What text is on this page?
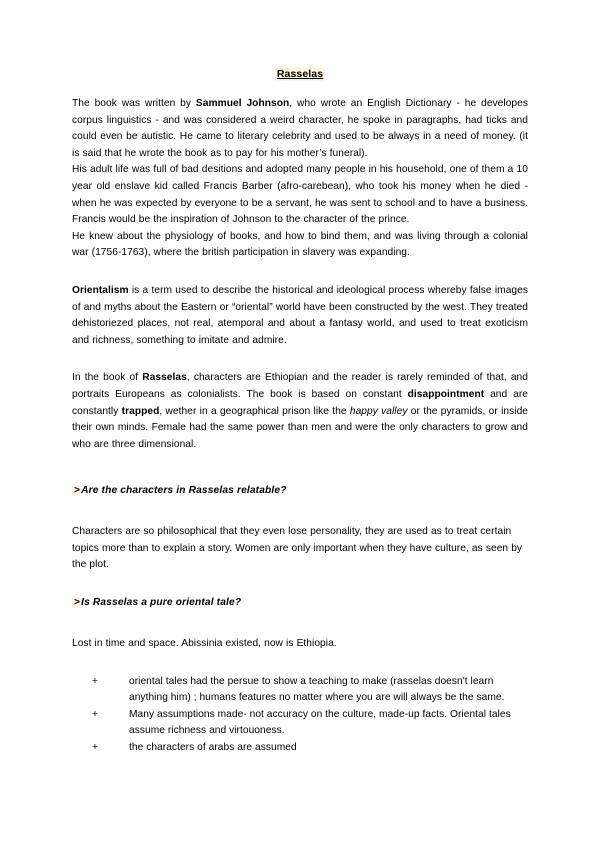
Rasselas

The book was written by Sammuel Johnson, who wrote an English Dictionary - he developes corpus linguistics - and was considered a weird character, he spoke in paragraphs, had ticks and could even be autistic. He came to literary celebrity and used to be always in a need of money. (it is said that he wrote the book as to pay for his mother’s funeral).

His adult life was full of bad desitions and adopted many people in his household, one of them a 10 year old enslave kid called Francis Barber (afro-carebean), who took his money when he died - when he was expected by everyone to be a servant, he was sent to school and to have a business. Francis would be the inspiration of Johnson to the character of the prince.

He knew about the physiology of books, and how to bind them, and was living through a colonial war (1756-1763), where the british participation in slavery was expanding.

Orientalism is a term used to describe the historical and ideological process whereby false images of and myths about the Eastern or “oriental” world have been constructed by the west. They treated dehistoriezed places, not real, atemporal and about a fantasy world, and used to treat exoticism and richness, something to imitate and admire.

In the book of Rasselas, characters are Ethiopian and the reader is rarely reminded of that, and portraits Europeans as colonialists. The book is based on constant disappointment and are constantly trapped, wether in a geographical prison like the happy valley or the pyramids, or inside their own minds. Female had the same power than men and were the only characters to grow and who are three dimensional.

>Are the characters in Rasselas relatable?

Characters are so philosophical that they even lose personality, they are used as to treat certain topics more than to explain a story. Women are only important when they have culture, as seen by the plot.

>Is Rasselas a pure oriental tale?

Lost in time and space. Abissinia existed, now is Ethiopia.

+	oriental tales had the persue to show a teaching to make (rasselas doesn't learn anything him) ; humans features no matter where you are will always be the same.
+	Many assumptions made- not accuracy on the culture, made-up facts. Oriental tales assume richness and virtouoness.
+	the characters of arabs are assumed
